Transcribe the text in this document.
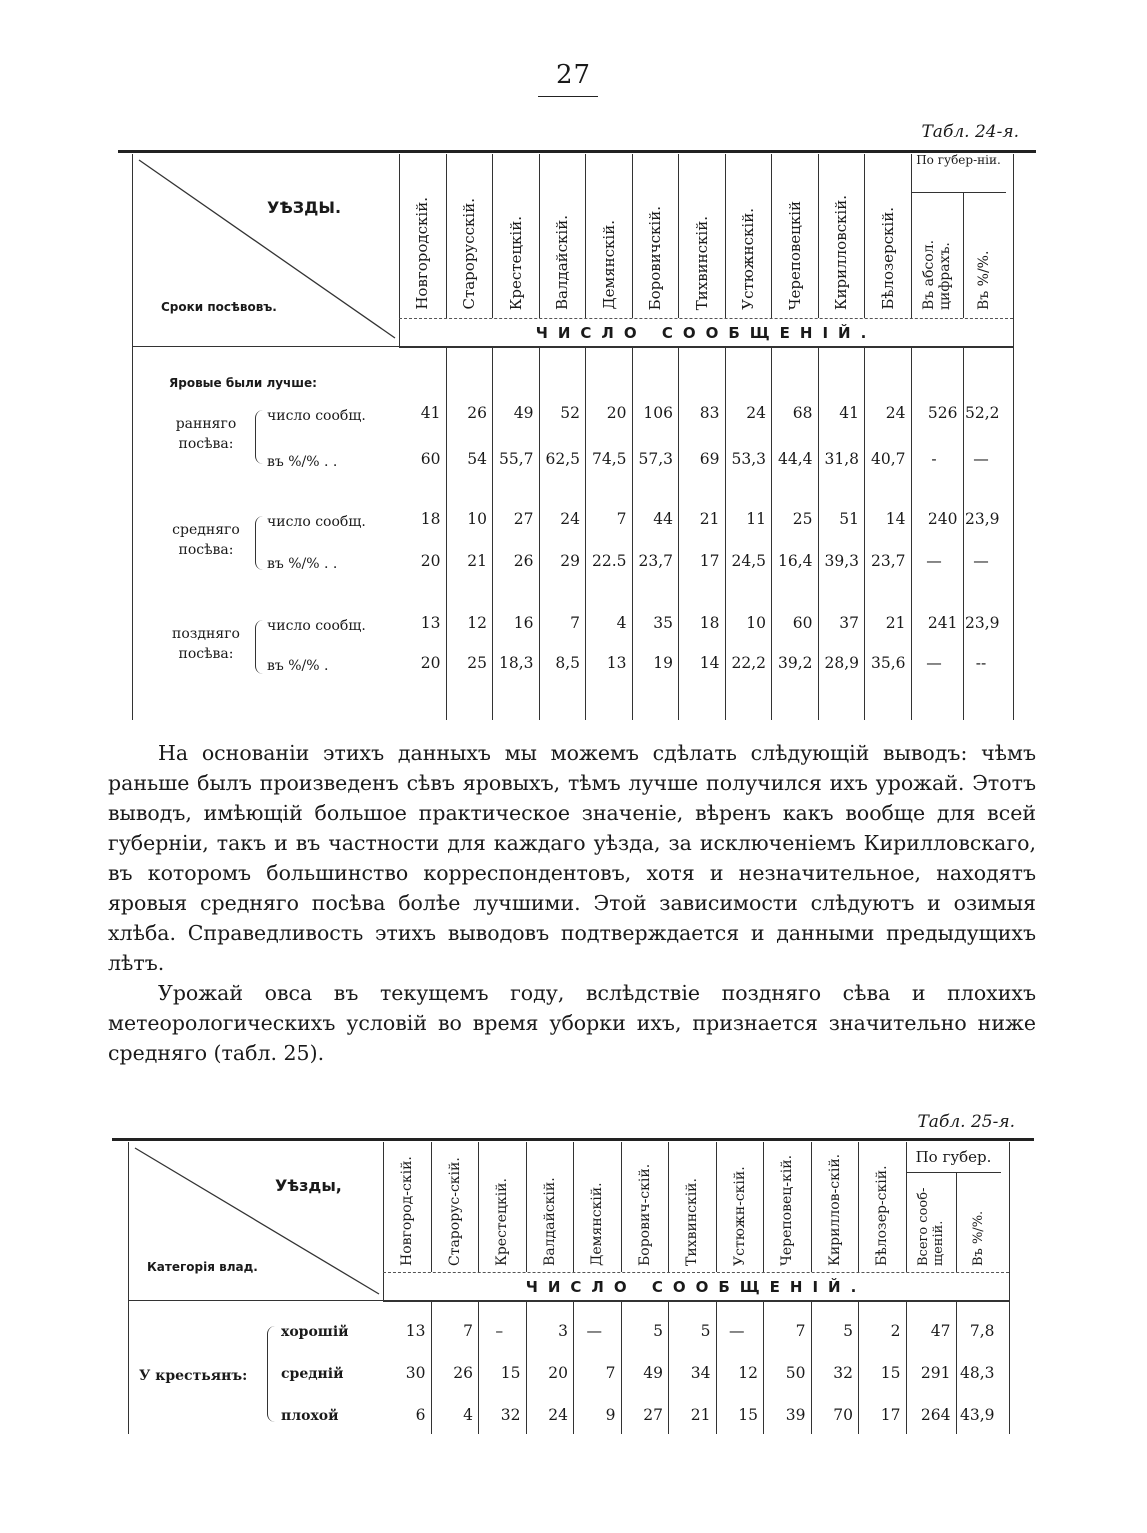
27
Табл. 24-я.
УѢЗДЫ.
Сроки посѣвовъ.	Новгородскій. Старорусскій. Крестецкій. Валдайскій. Демянскій. Боровичскій. Тихвинскій. Устюжнскій. Череповецкій Кирилловскій. Бѣлозерскій.
По губер-ніи.
Въ абсол. цифрахъ. Въ %/%.
ЧИСЛО СООБЩЕНІЙ.
Яровые были лучше:
ранняго посѣва:
число сообщ.	41	26	49	52	20	106	83	24	68	41	24	526 52,2
въ %/% . .	60	54 55,7 62,5 74,5 57,3	69 53,3 44,4 31,8 40,7	-	—
средняго посѣва:
число сообщ.	18	10	27	24	7	44	21	11	25	51	14	240 23,9
въ %/% . .	20	21	26	29 22.5 23,7	17 24,5 16,4 39,3 23,7	—	—
поздняго посѣва:
число сообщ.	13	12	16	7	4	35	18	10	60	37	21	241 23,9
въ %/% .	20	25 18,3	8,5	13	19	14 22,2 39,2 28,9 35,6	—	--

На основаніи этихъ данныхъ мы можемъ сдѣлать слѣдующій выводъ: чѣмъ раньше былъ произведенъ сѣвъ яровыхъ, тѣмъ лучше получился ихъ урожай. Этотъ выводъ, имѣющій большое практическое значеніе, вѣренъ какъ вообще для всей губерніи, такъ и въ частности для каждаго уѣзда, за исключеніемъ Кирилловскаго, въ которомъ большинство корреспондентовъ, хотя и незначительное, находятъ яровыя средняго посѣва болѣе лучшими. Этой зависимости слѣдуютъ и озимыя хлѣба. Справедливость этихъ выводовъ подтверждается и данными предыдущихъ лѣтъ.

Урожай овса въ текущемъ году, вслѣдствіе поздняго сѣва и плохихъ метеорологическихъ условій во время уборки ихъ, признается значительно ниже средняго (табл. 25).

Табл. 25-я.
Уѣзды,
Категорія влад.
Новгород-скій. Старорус-скій. Крестецкій. Валдайскій. Демянскій. Борович-скій. Тихвинскій. Устюжн-скій. Черепoвец-кій. Кириллов-скій. Бѣлозер-скій.
По губер.
Всего сооб-щеній. Въ %/%.
ЧИСЛО СООБЩЕНІЙ.
У крестьянъ:
хорошій	13	7	–	3	—	5	5	—	7	5	2	47	7,8
средній	30	26	15	20	7	49	34	12	50	32	15	291 48,3
плохой	6	4	32	24	9	27	21	15	39	70	17	264 43,9
